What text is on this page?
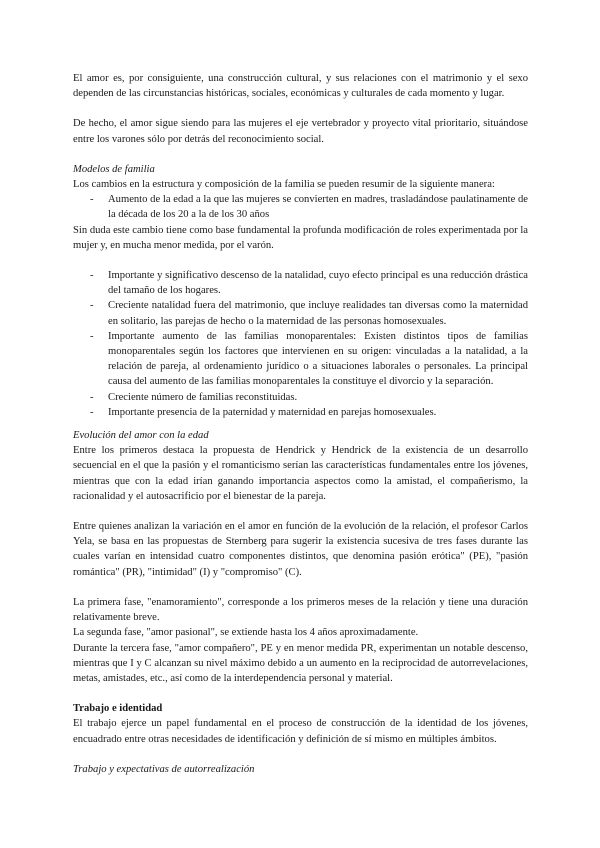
El amor es, por consiguiente, una construcción cultural, y sus relaciones con el matrimonio y el sexo dependen de las circunstancias históricas, sociales, económicas y culturales de cada momento y lugar.

De hecho, el amor sigue siendo para las mujeres el eje vertebrador y proyecto vital prioritario, situándose entre los varones sólo por detrás del reconocimiento social.

Modelos de familia

Los cambios en la estructura y composición de la familia se pueden resumir de la siguiente manera:

- Aumento de la edad a la que las mujeres se convierten en madres, trasladándose paulatinamente de la década de los 20 a la de los 30 años

Sin duda este cambio tiene como base fundamental la profunda modificación de roles experimentada por la mujer y, en mucha menor medida, por el varón.

- Importante y significativo descenso de la natalidad, cuyo efecto principal es una reducción drástica del tamaño de los hogares.
- Creciente natalidad fuera del matrimonio, que incluye realidades tan diversas como la maternidad en solitario, las parejas de hecho o la maternidad de las personas homosexuales.
- Importante aumento de las familias monoparentales: Existen distintos tipos de familias monoparentales según los factores que intervienen en su origen: vinculadas a la natalidad, a la relación de pareja, al ordenamiento jurídico o a situaciones laborales o personales. La principal causa del aumento de las familias monoparentales la constituye el divorcio y la separación.
- Creciente número de familias reconstituidas.
- Importante presencia de la paternidad y maternidad en parejas homosexuales.

Evolución del amor con la edad

Entre los primeros destaca la propuesta de Hendrick y Hendrick de la existencia de un desarrollo secuencial en el que la pasión y el romanticismo serían las características fundamentales entre los jóvenes, mientras que con la edad irían ganando importancia aspectos como la amistad, el compañerismo, la racionalidad y el autosacrificio por el bienestar de la pareja.

Entre quienes analizan la variación en el amor en función de la evolución de la relación, el profesor Carlos Yela, se basa en las propuestas de Sternberg para sugerir la existencia sucesiva de tres fases durante las cuales varían en intensidad cuatro componentes distintos, que denomina pasión erótica" (PE), "pasión romántica" (PR), "intimidad" (I) y "compromiso" (C).

La primera fase, "enamoramiento", corresponde a los primeros meses de la relación y tiene una duración relativamente breve.

La segunda fase, "amor pasional", se extiende hasta los 4 años aproximadamente.

Durante la tercera fase, "amor compañero", PE y en menor medida PR, experimentan un notable descenso, mientras que I y C alcanzan su nivel máximo debido a un aumento en la reciprocidad de autorrevelaciones, metas, amistades, etc., así como de la interdependencia personal y material.

Trabajo e identidad

El trabajo ejerce un papel fundamental en el proceso de construcción de la identidad de los jóvenes, encuadrado entre otras necesidades de identificación y definición de sí mismo en múltiples ámbitos.

Trabajo y expectativas de autorrealización
